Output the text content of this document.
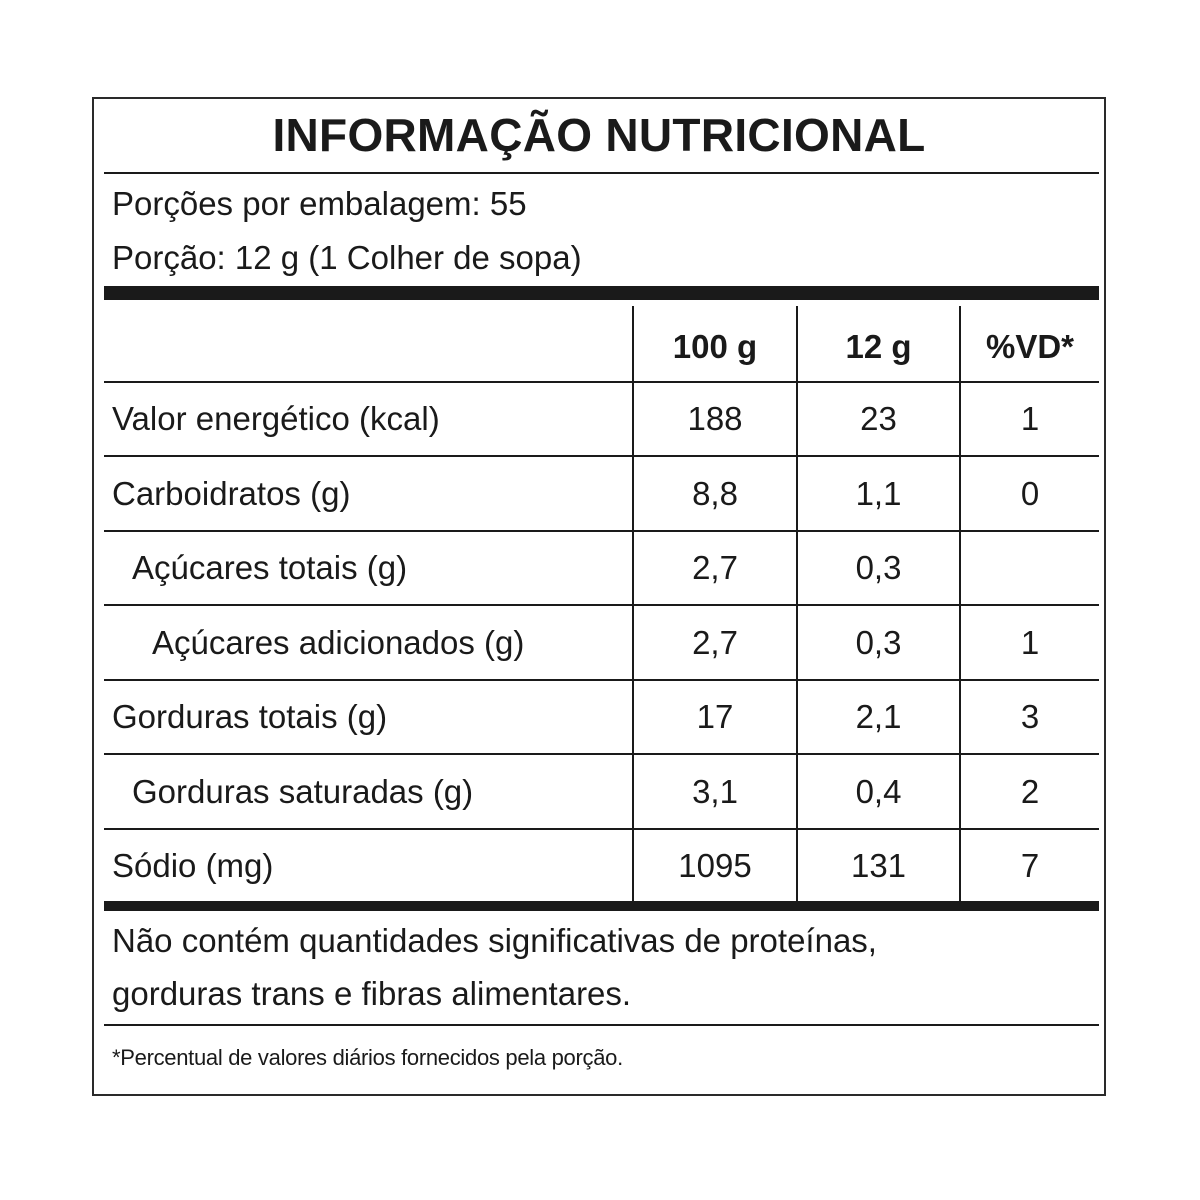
INFORMAÇÃO NUTRICIONAL
Porções por embalagem: 55
Porção: 12 g (1 Colher de sopa)
100 g	12 g	%VD*
Valor energético (kcal)	188	23	1
Carboidratos (g)	8,8	1,1	0
Açúcares totais (g)	2,7	0,3
Açúcares adicionados (g)	2,7	0,3	1
Gorduras totais (g)	17	2,1	3
Gorduras saturadas (g)	3,1	0,4	2
Sódio (mg)	1095	131	7
Não contém quantidades significativas de proteínas,
gorduras trans e fibras alimentares.
*Percentual de valores diários fornecidos pela porção.
